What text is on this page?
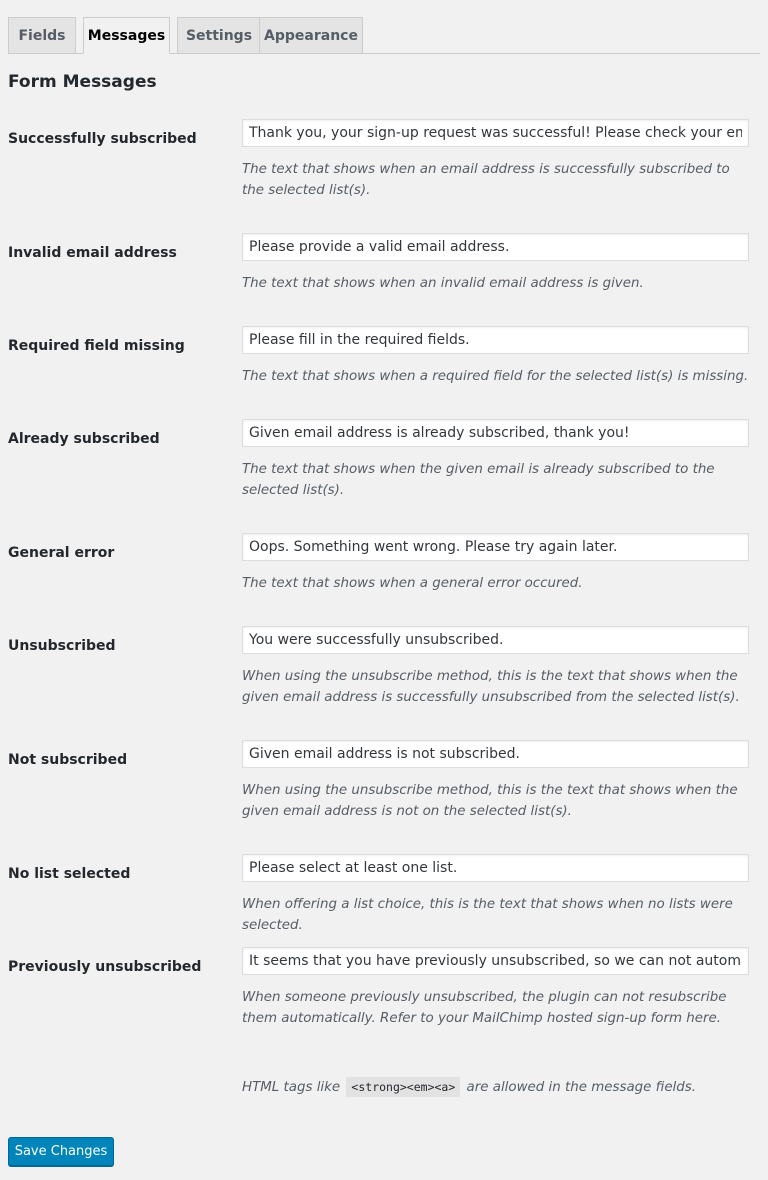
Fields	Messages	Settings Appearance
Form Messages
Successfully subscribed
Thank you, your sign-up request was successful! Please check your email inbox to confirm.

The text that shows when an email address is successfully subscribed to the selected list(s).

Invalid email address
Please provide a valid email address.

The text that shows when an invalid email address is given.

Required field missing
Please fill in the required fields.

The text that shows when a required field for the selected list(s) is missing.

Already subscribed
Given email address is already subscribed, thank you!

The text that shows when the given email is already subscribed to the selected list(s).

General error
Oops. Something went wrong. Please try again later.

The text that shows when a general error occured.

Unsubscribed
You were successfully unsubscribed.

When using the unsubscribe method, this is the text that shows when the given email address is successfully unsubscribed from the selected list(s).

Not subscribed
Given email address is not subscribed.

When using the unsubscribe method, this is the text that shows when the given email address is not on the selected list(s).

No list selected
Please select at least one list.

When offering a list choice, this is the text that shows when no lists were selected.

Previously unsubscribed
It seems that you have previously unsubscribed, so we can not automatically resubscribe you.

When someone previously unsubscribed, the plugin can not resubscribe them automatically. Refer to your MailChimp hosted sign-up form here.

HTML tags like <strong><em><a> are allowed in the message fields.
Save Changes
